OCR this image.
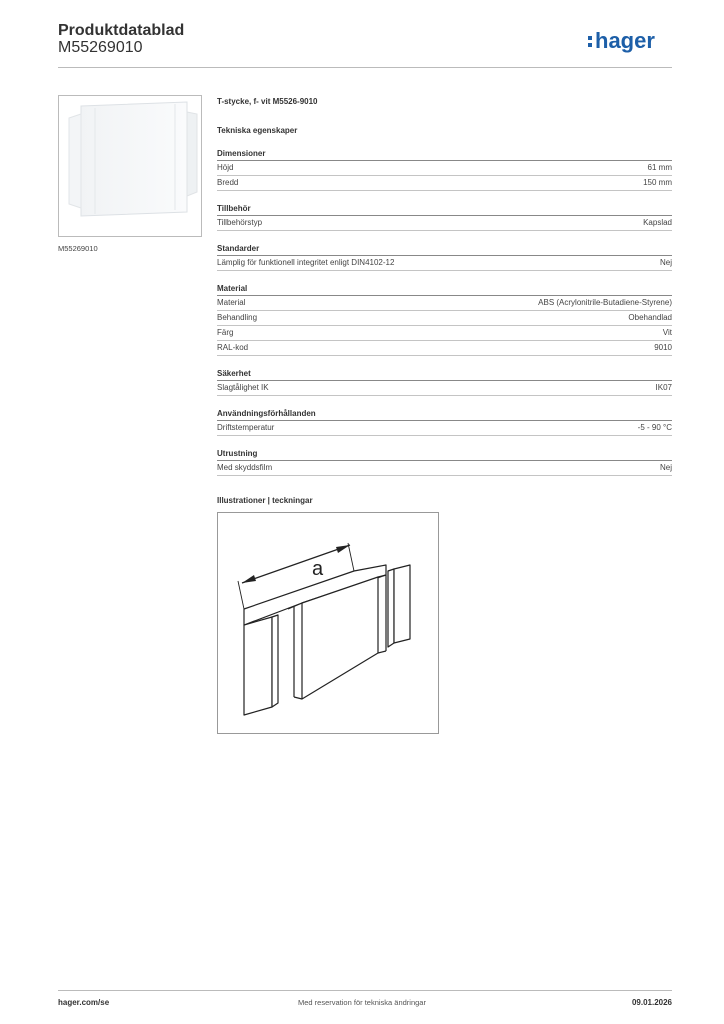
Produktdatablad
M55269010	hager
M55269010
T-stycke, f- vit M5526-9010
Tekniska egenskaper
Dimensioner
Höjd	61 mm
Bredd	150 mm
Tillbehör
Tillbehörstyp	Kapslad
Standarder
Lämplig för funktionell integritet enligt DIN4102-12	Nej
Material
Material	ABS (Acrylonitrile-Butadiene-Styrene)
Behandling	Obehandlad
Färg	Vit
RAL-kod	9010
Säkerhet
Slagtålighet IK	IK07
Användningsförhållanden
Driftstemperatur	-5 - 90 °C
Utrustning
Med skyddsfilm	Nej
Illustrationer | teckningar
a
hager.com/se	Med reservation för tekniska ändringar	09.01.2026
